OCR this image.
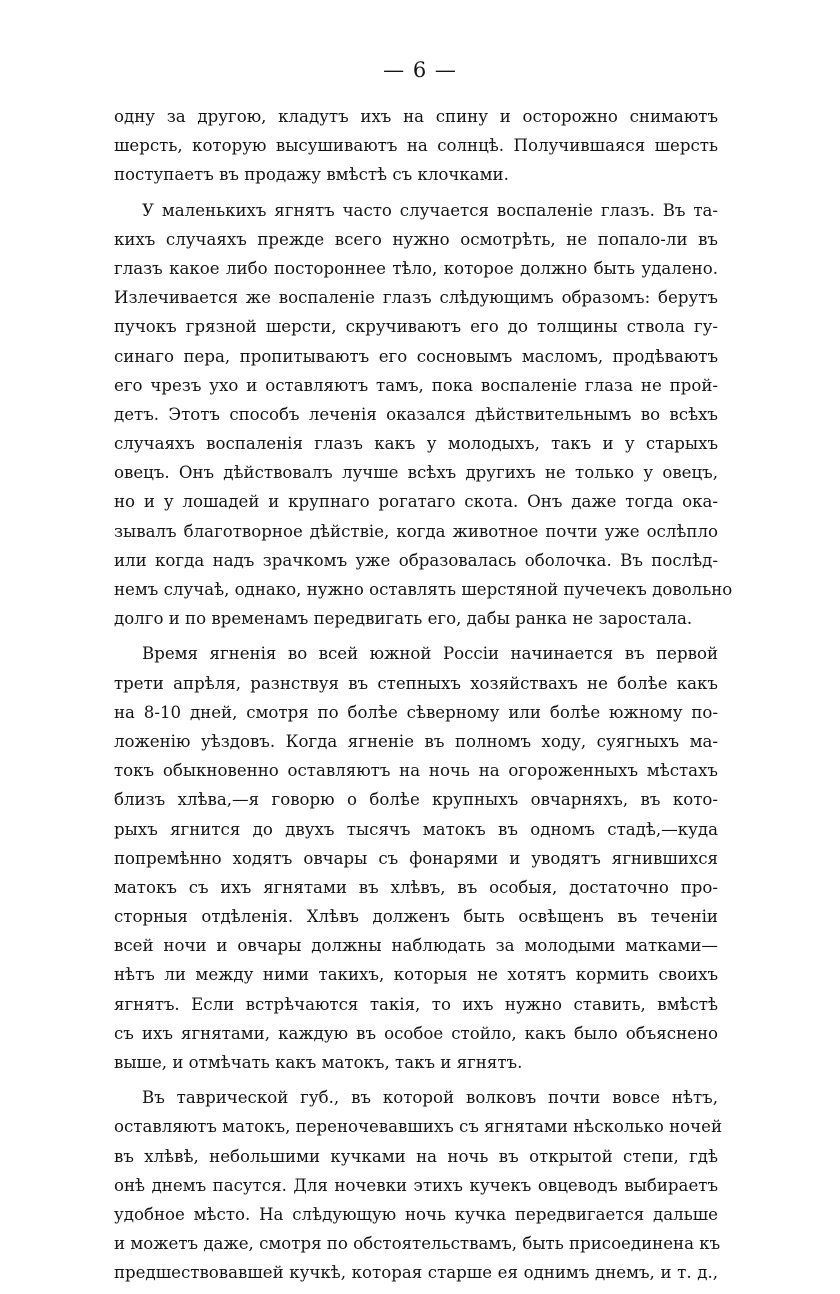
— 6 —
одну за другою, кладутъ ихъ на спину и осторожно снимаютъ
шерсть, которую высушиваютъ на солнцѣ. Получившаяся шерсть
поступаетъ въ продажу вмѣстѣ съ клочками.
У маленькихъ ягнятъ часто случается воспаленіе глазъ. Въ та-
кихъ случаяхъ прежде всего нужно осмотрѣть, не попало-ли въ
глазъ какое либо постороннее тѣло, которое должно быть удалено.
Излечивается же воспаленіе глазъ слѣдующимъ образомъ: берутъ
пучокъ грязной шерсти, скручиваютъ его до толщины ствола гу-
синаго пера, пропитываютъ его сосновымъ масломъ, продѣваютъ
его чрезъ ухо и оставляютъ тамъ, пока воспаленіе глаза не прой-
детъ. Этотъ способъ леченія оказался дѣйствительнымъ во всѣхъ
случаяхъ воспаленія глазъ какъ у молодыхъ, такъ и у старыхъ
овецъ. Онъ дѣйствовалъ лучше всѣхъ другихъ не только у овецъ,
но и у лошадей и крупнаго рогатаго скота. Онъ даже тогда ока-
зывалъ благотворное дѣйствіе, когда животное почти уже ослѣпло
или когда надъ зрачкомъ уже образовалась оболочка. Въ послѣд-
немъ случаѣ, однако, нужно оставлять шерстяной пучечекъ довольно
долго и по временамъ передвигать его, дабы ранка не заростала.
Время ягненія во всей южной Россіи начинается въ первой
трети апрѣля, разнствуя въ степныхъ хозяйствахъ не болѣе какъ
на 8-10 дней, смотря по болѣе сѣверному или болѣе южному по-
ложенію уѣздовъ. Когда ягненіе въ полномъ ходу, суягныхъ ма-
токъ обыкновенно оставляютъ на ночь на огороженныхъ мѣстахъ
близъ хлѣва,—я говорю о болѣе крупныхъ овчарняхъ, въ кото-
рыхъ ягнится до двухъ тысячъ матокъ въ одномъ стадѣ,—куда
попремѣнно ходятъ овчары съ фонарями и уводятъ ягнившихся
матокъ съ ихъ ягнятами въ хлѣвъ, въ особыя, достаточно про-
сторныя отдѣленія. Хлѣвъ долженъ быть освѣщенъ въ теченіи
всей ночи и овчары должны наблюдать за молодыми матками—
нѣтъ ли между ними такихъ, которыя не хотятъ кормить своихъ
ягнятъ. Если встрѣчаются такія, то ихъ нужно ставить, вмѣстѣ
съ ихъ ягнятами, каждую въ особое стойло, какъ было объяснено
выше, и отмѣчать какъ матокъ, такъ и ягнятъ.
Въ таврической губ., въ которой волковъ почти вовсе нѣтъ,
оставляютъ матокъ, переночевавшихъ съ ягнятами нѣсколько ночей
въ хлѣвѣ, небольшими кучками на ночь въ открытой степи, гдѣ
онѣ днемъ пасутся. Для ночевки этихъ кучекъ овцеводъ выбираетъ
удобное мѣсто. На слѣдующую ночь кучка передвигается дальше
и можетъ даже, смотря по обстоятельствамъ, быть присоединена къ
предшествовавшей кучкѣ, которая старше ея однимъ днемъ, и т. д.,
